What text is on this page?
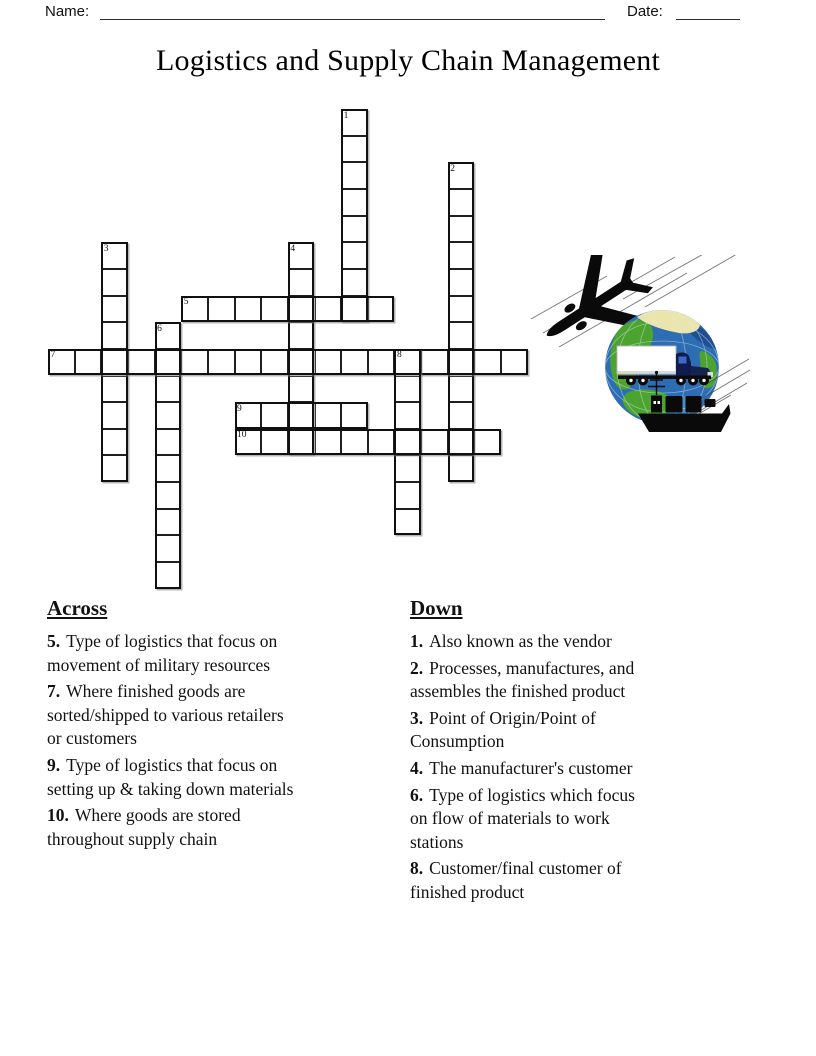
Name:	Date:
Logistics and Supply Chain Management
1
2
3	4
5
6
7	8
9
10

Across

5. Type of logistics that focus on movement of military resources

7. Where finished goods are sorted/shipped to various retailers or customers

9. Type of logistics that focus on setting up & taking down materials

10. Where goods are stored throughout supply chain

Down

1. Also known as the vendor

2. Processes, manufactures, and assembles the finished product

3. Point of Origin/Point of Consumption

4. The manufacturer's customer

6. Type of logistics which focus on flow of materials to work stations

8. Customer/final customer of finished product
